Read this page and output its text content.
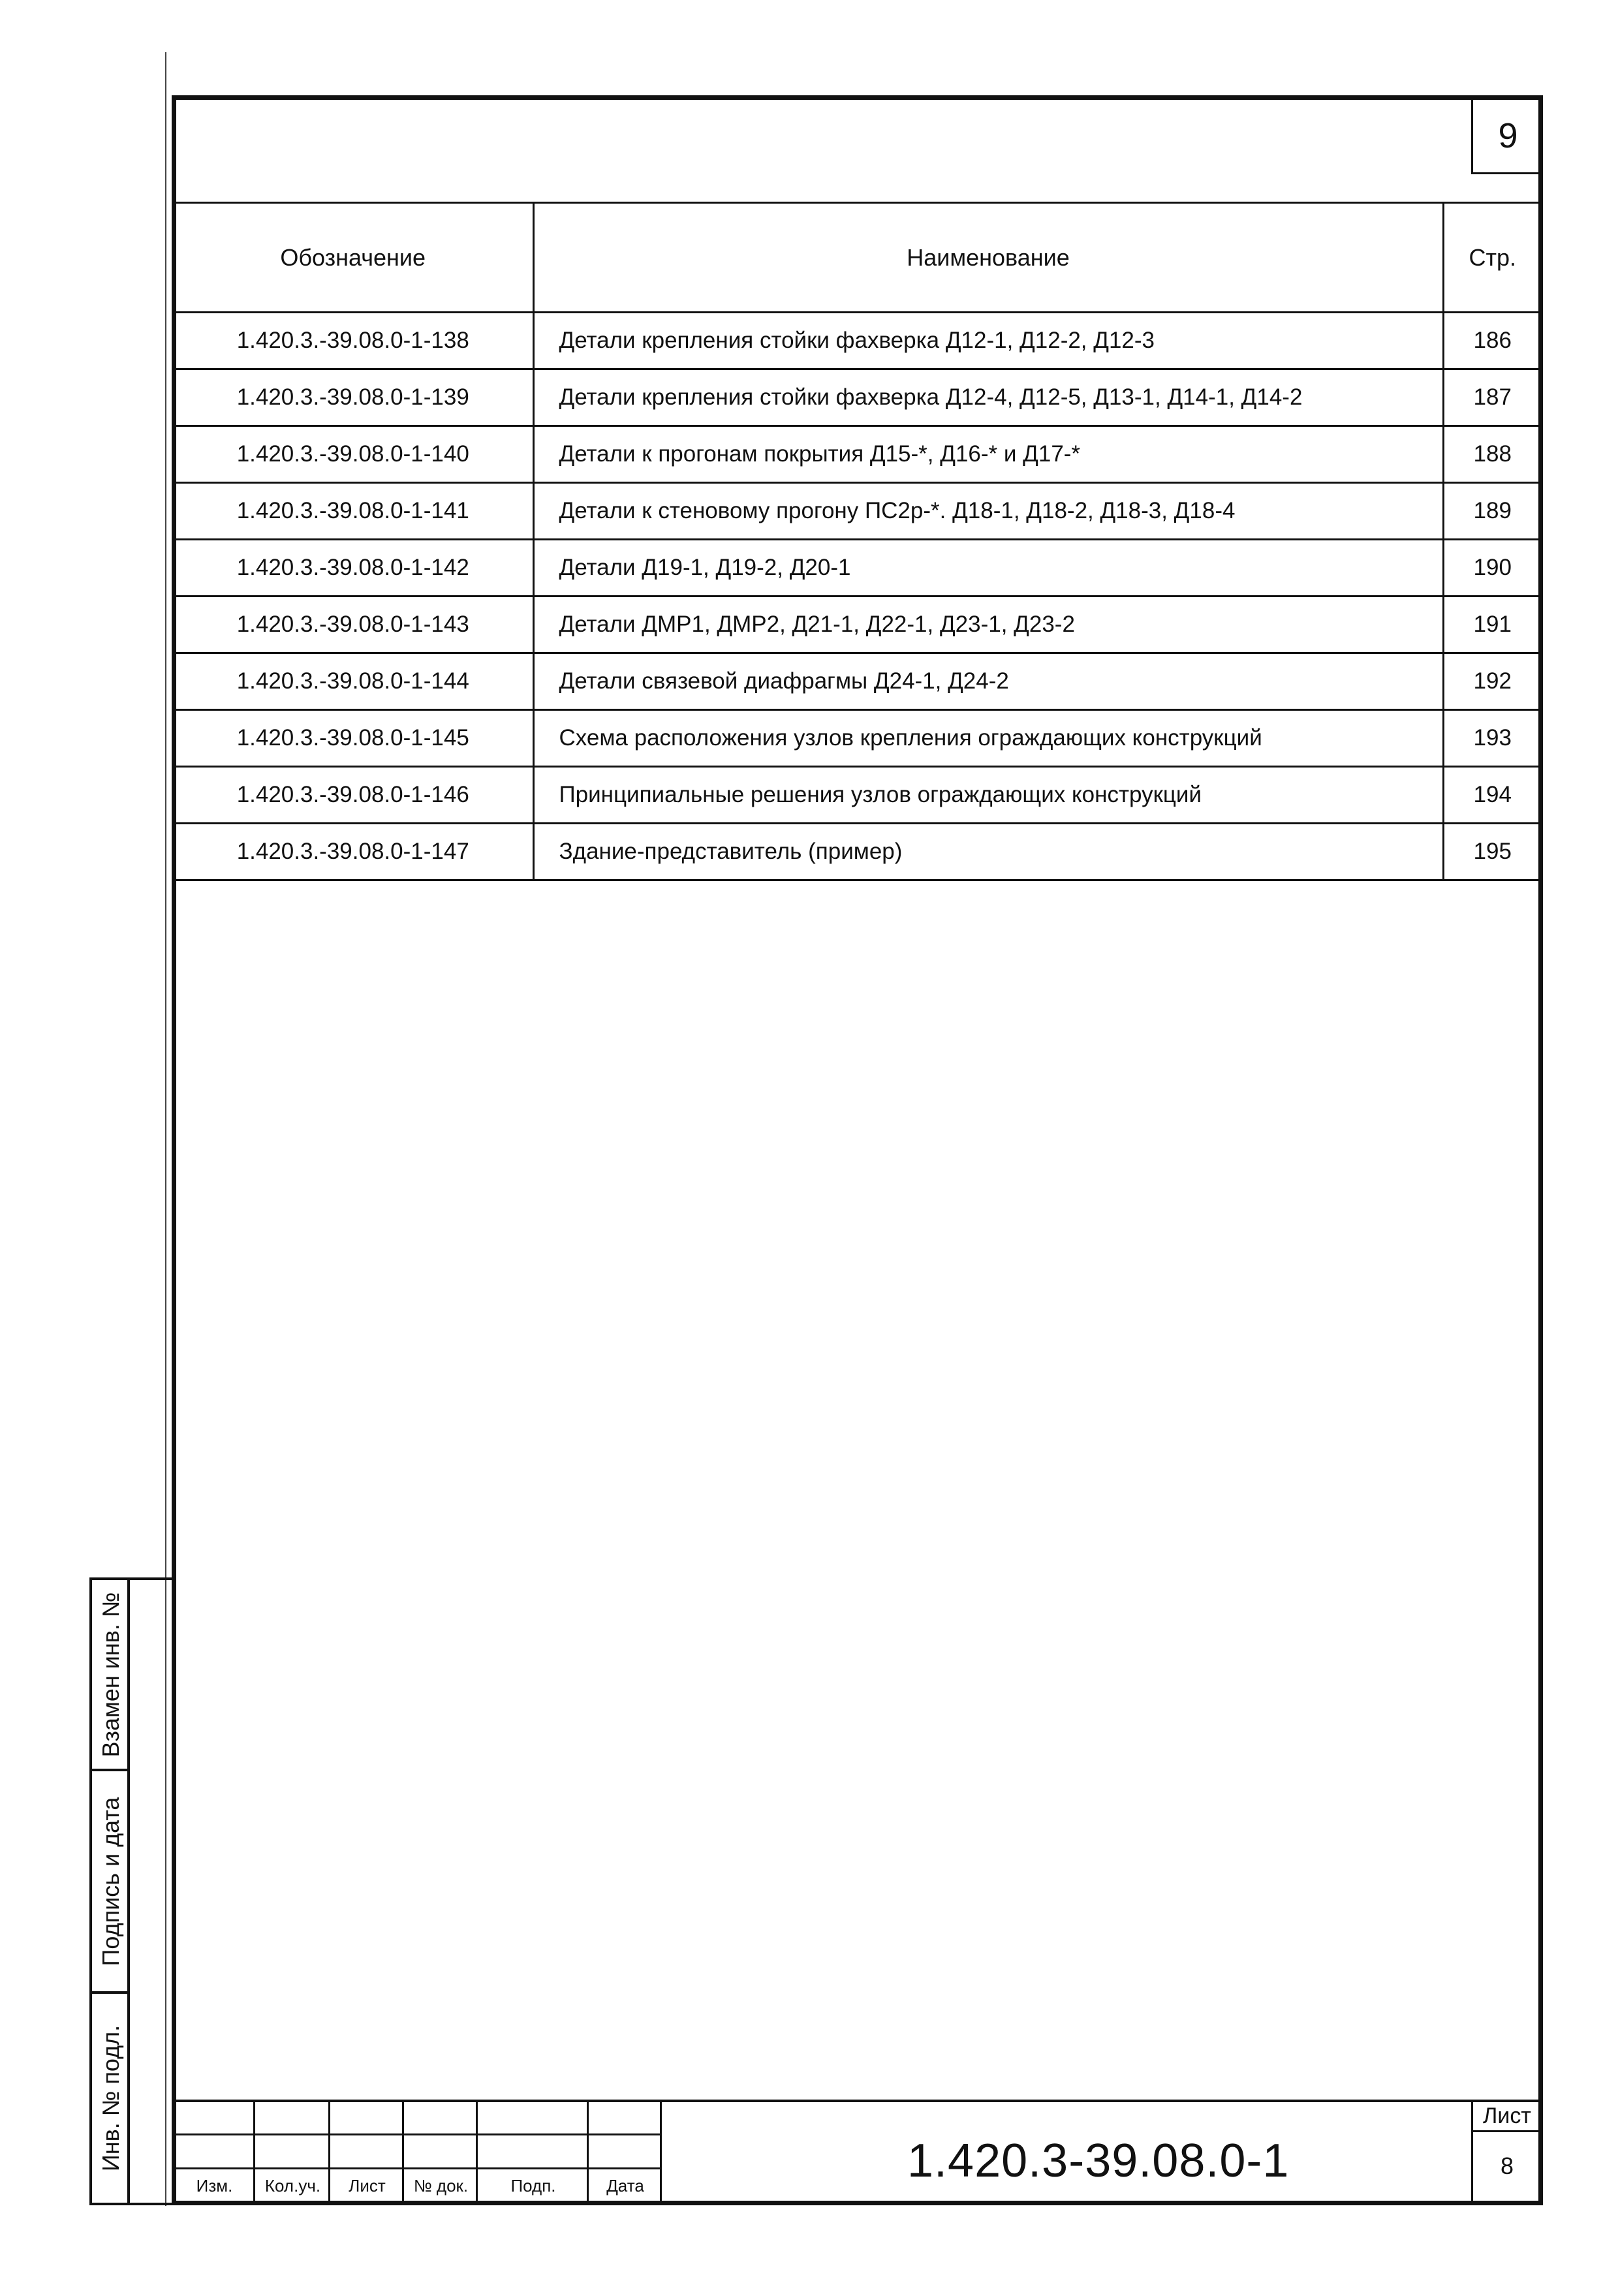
9
Обозначение	Наименование	Стр.
1.420.3.-39.08.0-1-138	Детали крепления стойки фахверка Д12-1, Д12-2, Д12-3	186
1.420.3.-39.08.0-1-139	Детали крепления стойки фахверка Д12-4, Д12-5, Д13-1, Д14-1, Д14-2	187
1.420.3.-39.08.0-1-140	Детали к прогонам покрытия Д15-*, Д16-* и Д17-*	188
1.420.3.-39.08.0-1-141	Детали к стеновому прогону ПС2р-*. Д18-1, Д18-2, Д18-3, Д18-4	189
1.420.3.-39.08.0-1-142	Детали Д19-1, Д19-2, Д20-1	190
1.420.3.-39.08.0-1-143	Детали ДМР1, ДМР2, Д21-1, Д22-1, Д23-1, Д23-2	191
1.420.3.-39.08.0-1-144	Детали связевой диафрагмы Д24-1, Д24-2	192
1.420.3.-39.08.0-1-145	Схема расположения узлов крепления ограждающих конструкций	193
1.420.3.-39.08.0-1-146	Принципиальные решения узлов ограждающих конструкций	194
1.420.3.-39.08.0-1-147	Здание-представитель (пример)	195
Взамен инв. №
Подпись и дата
Инв. № подл.
Изм.	Кол.уч.	Лист	№ док.	Подп.	Дата	1.420.3-39.08.0-1
Лист
8
